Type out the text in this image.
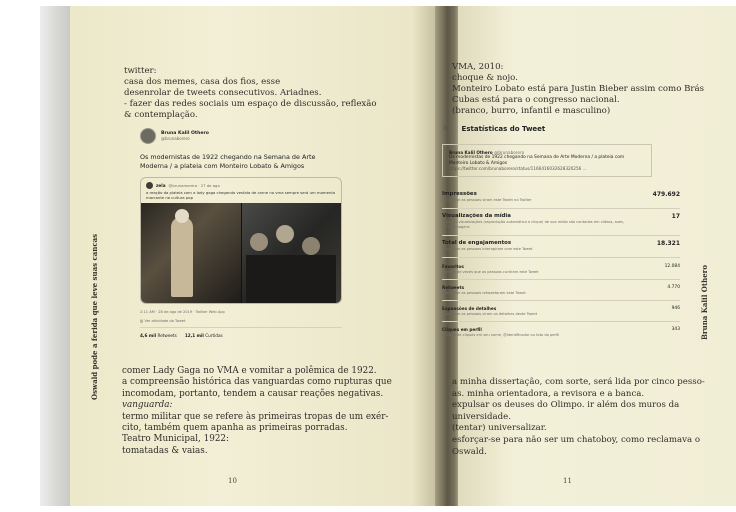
Oswald pode a ferida que leve suas cancas

twitter:

casa dos memes, casa dos fios, esse

desenrolar de tweets consecutivos. Ariadnes.

- fazer das redes sociais um espaço de discussão, reflexão

& contemplação.

Bruna Kalil Othero
@brunaborero
Os modernistas de 1922 chegando na Semana de Arte
Moderna / a plateia com Monteiro Lobato & Amigos
zela @brunamorero · 27 de ago
a reação da plateia com a lady gaga chegando vestida de carne no vma sempre será um momento marcante na cultura pop
2:11 AM · 28 de ago de 2019 · Twitter Web App
▥ Ver atividade do Tweet
4,6 mil Retweets 12,1 mil Curtidas

comer Lady Gaga no VMA e vomitar a polêmica de 1922.

a compreensão histórica das vanguardas como rupturas que

incomodam, portanto, tendem a causar reações negativas.

vanguarda:

termo militar que se refere às primeiras tropas de um exér-

cito, também quem apanha as primeiras porradas.

Teatro Municipal, 1922:

tomatadas & vaias.

10

VMA, 2010:

choque & nojo.

Monteiro Lobato está para Justin Bieber assim como Brás

Cubas está para o congresso nacional.

(branco, burro, infantil e masculino)

✕ Estatísticas do Tweet
Bruna Kalil Othero @brunaborero
Os modernistas de 1922 chegando na Semana de Arte Moderna / a plateia com
Monteiro Lobato & Amigos
https://twitter.com/brunaborero/status/1166416032628320256 ...
Impressões
vezes que as pessoas viram este Tweet no Twitter
479.692
Visualizações da mídia
Todas as visualizações (reprodução automática e clique) de sua mídia são contadas em vídeos, axes, GIFs e imagens
17
Total de engajamentos
vezes que as pessoas interagiram com este Tweet
18.321
Favoritos
número de vezes que as pessoas curtiram este Tweet
12.084
Retweets
vezes que as pessoas retweetaram este Tweet
4.770
Expansões de detalhes
vezes que as pessoas viram os detalhes deste Tweet
946
Cliques em perfil
número de cliques em seu nome, @identificador ou foto do perfil
343

a minha dissertação, com sorte, será lida por cinco pesso-

as. minha orientadora, a revisora e a banca.

expulsar os deuses do Olimpo. ir além dos muros da

universidade.

(tentar) universalizar.

esforçar-se para não ser um chatoboy, como reclamava o

Oswald.

Bruna Kalil Othero
11
